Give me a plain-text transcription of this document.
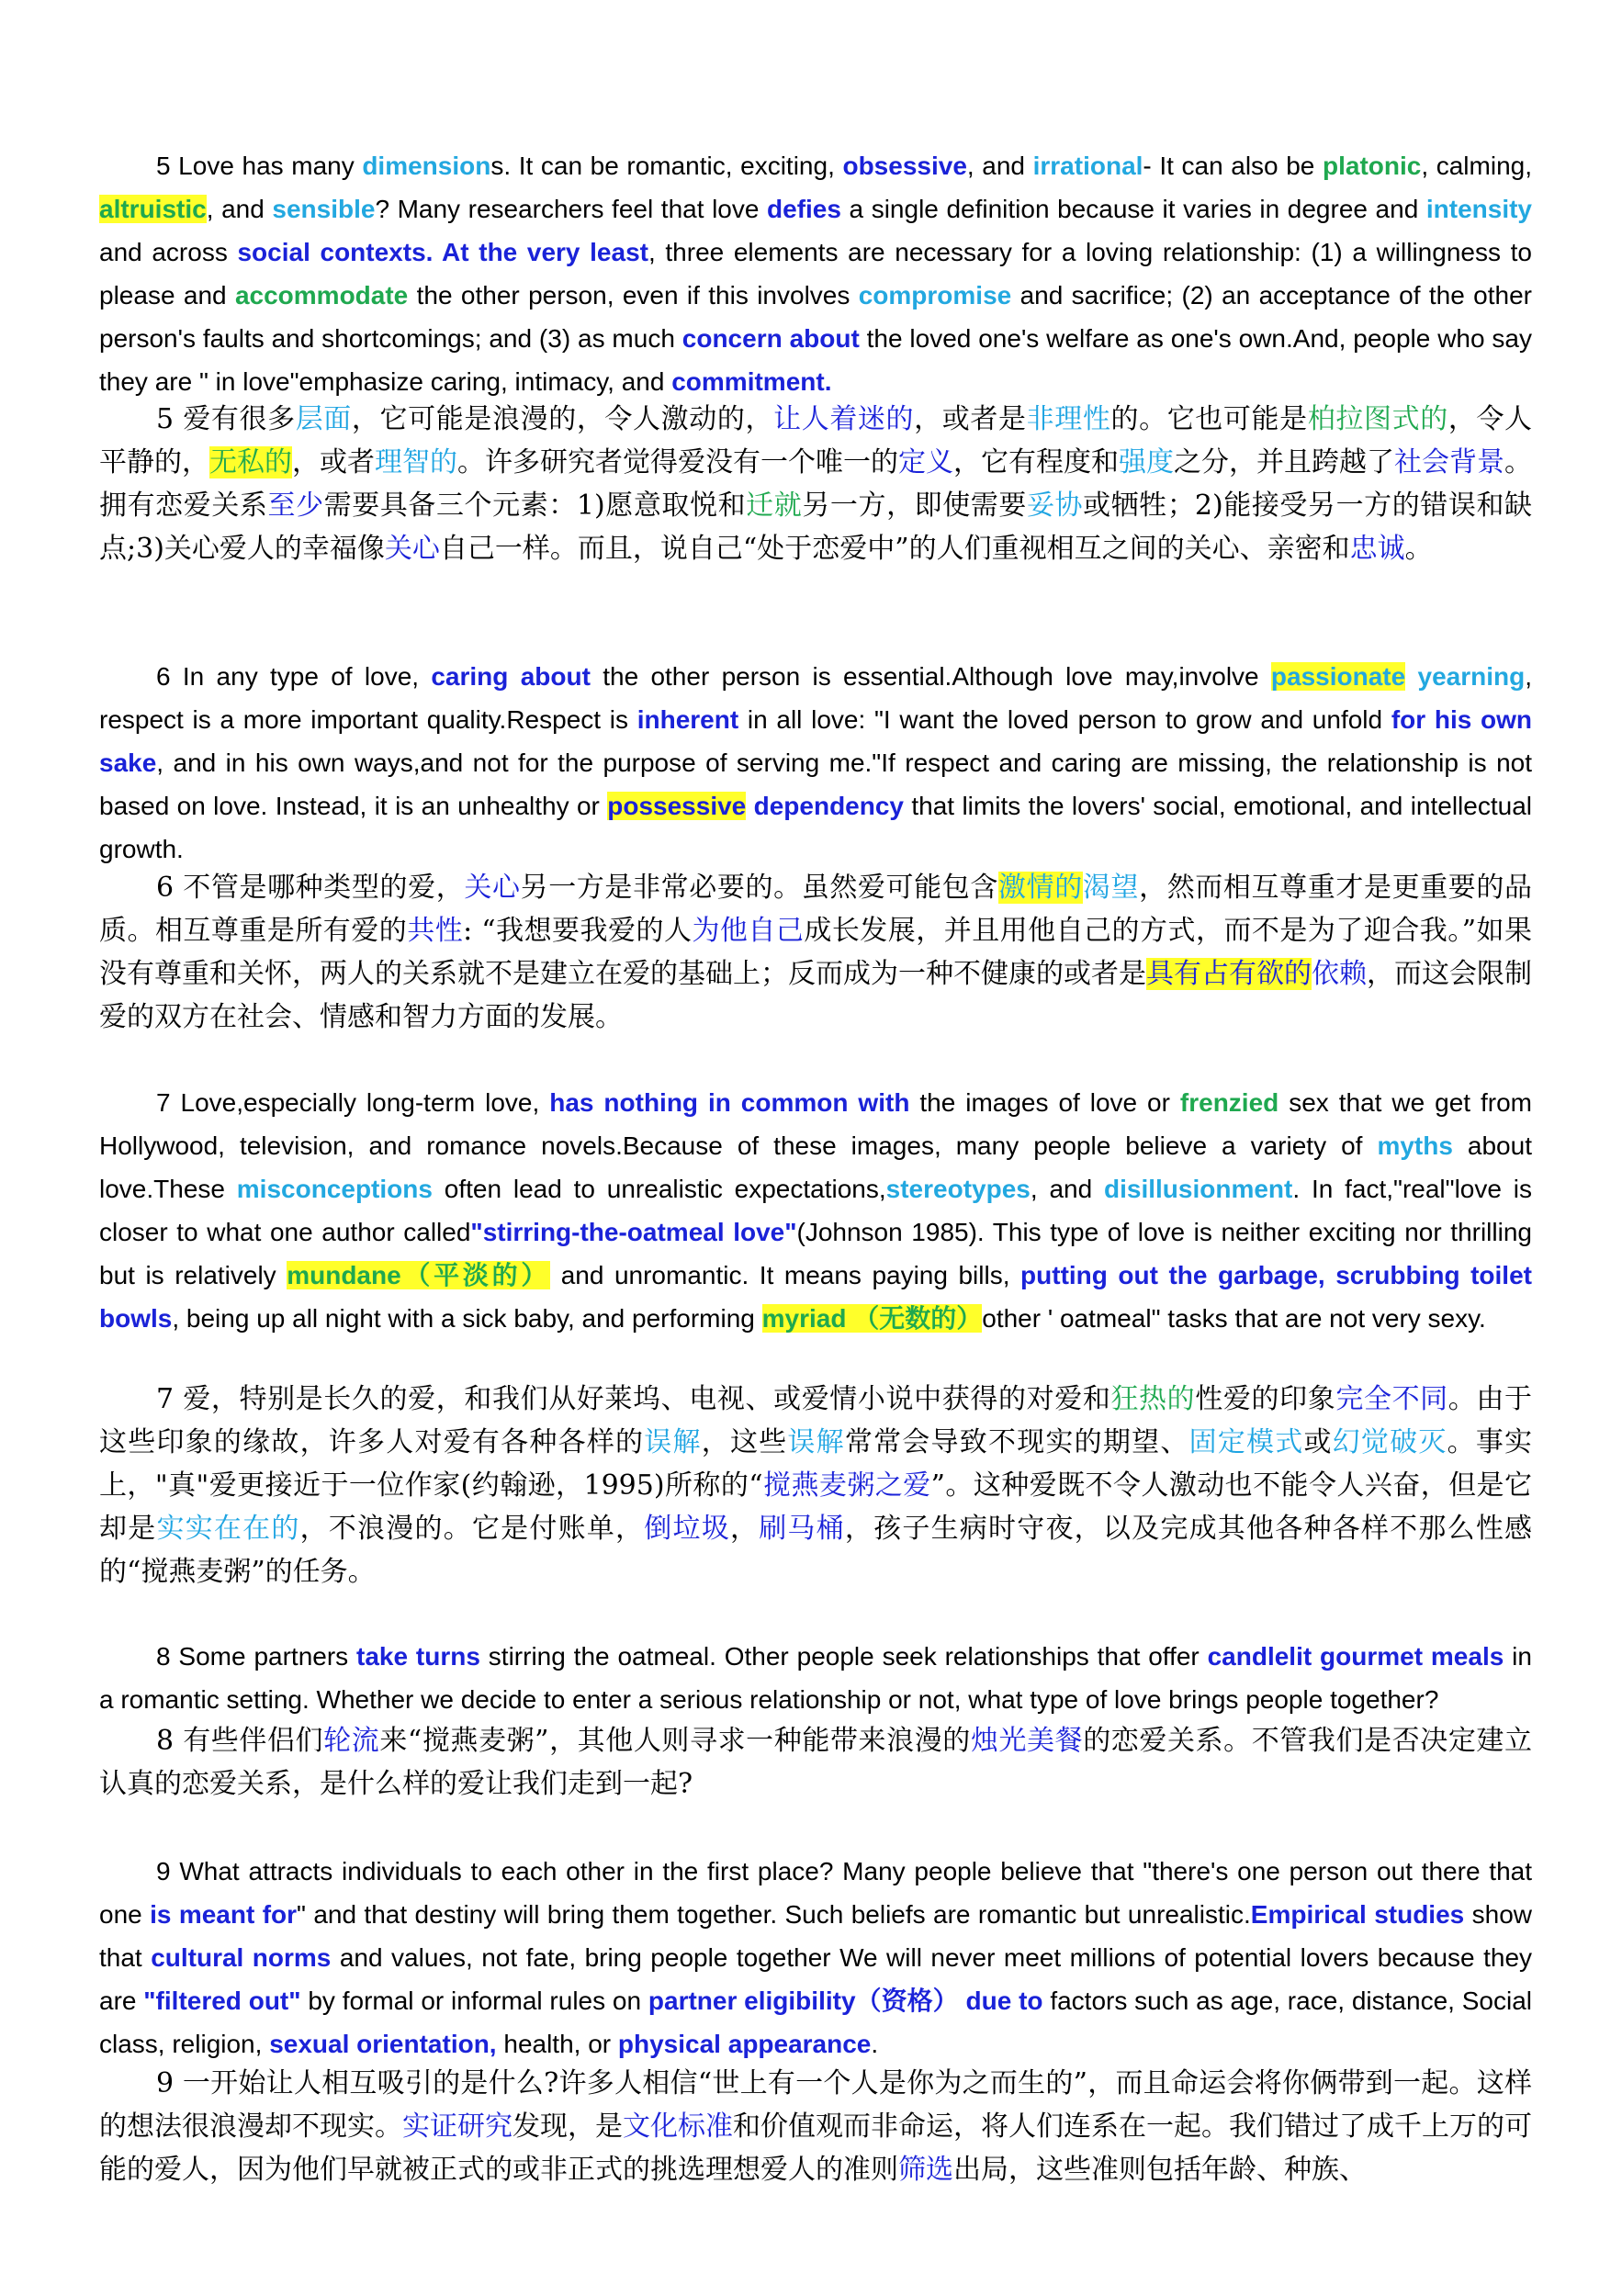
5 Love has many dimensions. It can be romantic, exciting, obsessive, and irrational- It can also be platonic, calming, altruistic, and sensible? Many researchers feel that love defies a single definition because it varies in degree and intensity and across social contexts. At the very least, three elements are necessary for a loving relationship: (1) a willingness to please and accommodate the other person, even if this involves compromise and sacrifice; (2) an acceptance of the other person's faults and shortcomings; and (3) as much concern about the loved one's welfare as one's own.And, people who say they are " in love"emphasize caring, intimacy, and commitment.

5 爱有很多层面，它可能是浪漫的，令人激动的，让人着迷的，或者是非理性的。它也可能是柏拉图式的，令人平静的，无私的，或者理智的。许多研究者觉得爱没有一个唯一的定义，它有程度和强度之分，并且跨越了社会背景。拥有恋爱关系至少需要具备三个元素：1)愿意取悦和迁就另一方，即使需要妥协或牺牲；2)能接受另一方的错误和缺点;3)关心爱人的幸福像关心自己一样。而且，说自己“处于恋爱中”的人们重视相互之间的关心、亲密和忠诚。

6 In any type of love, caring about the other person is essential.Although love may,involve passionate yearning, respect is a more important quality.Respect is inherent in all love: "I want the loved person to grow and unfold for his own sake, and in his own ways,and not for the purpose of serving me."If respect and caring are missing, the relationship is not based on love. Instead, it is an unhealthy or possessive dependency that limits the lovers' social, emotional, and intellectual growth.

6 不管是哪种类型的爱，关心另一方是非常必要的。虽然爱可能包含激情的渴望，然而相互尊重才是更重要的品质。相互尊重是所有爱的共性: “我想要我爱的人为他自己成长发展，并且用他自己的方式，而不是为了迎合我。”如果没有尊重和关怀，两人的关系就不是建立在爱的基础上；反而成为一种不健康的或者是具有占有欲的依赖，而这会限制爱的双方在社会、情感和智力方面的发展。

7 Love,especially long-term love, has nothing in common with the images of love or frenzied sex that we get from Hollywood, television, and romance novels.Because of these images, many people believe a variety of myths about love.These misconceptions often lead to unrealistic expectations,stereotypes, and disillusionment. In fact,"real"love is closer to what one author called"stirring-the-oatmeal love"(Johnson 1985). This type of love is neither exciting nor thrilling but is relatively mundane（平淡的） and unromantic. It means paying bills, putting out the garbage, scrubbing toilet bowls, being up all night with a sick baby, and performing myriad （无数的）other ' oatmeal" tasks that are not very sexy.

7 爱，特别是长久的爱，和我们从好莱坞、电视、或爱情小说中获得的对爱和狂热的性爱的印象完全不同。由于这些印象的缘故，许多人对爱有各种各样的误解，这些误解常常会导致不现实的期望、固定模式或幻觉破灭。事实上，"真"爱更接近于一位作家(约翰逊，1995)所称的“搅燕麦粥之爱”。这种爱既不令人激动也不能令人兴奋，但是它却是实实在在的，不浪漫的。它是付账单，倒垃圾，刷马桶，孩子生病时守夜，以及完成其他各种各样不那么性感的“搅燕麦粥”的任务。

8 Some partners take turns stirring the oatmeal. Other people seek relationships that offer candlelit gourmet meals in a romantic setting. Whether we decide to enter a serious relationship or not, what type of love brings people together?

8 有些伴侣们轮流来“搅燕麦粥”，其他人则寻求一种能带来浪漫的烛光美餐的恋爱关系。不管我们是否决定建立认真的恋爱关系，是什么样的爱让我们走到一起?

9 What attracts individuals to each other in the first place? Many people believe that "there's one person out there that one is meant for" and that destiny will bring them together. Such beliefs are romantic but unrealistic.Empirical studies show that cultural norms and values, not fate, bring people together We will never meet millions of potential lovers because they are "filtered out" by formal or informal rules on partner eligibility（资格） due to factors such as age, race, distance, Social class, religion, sexual orientation, health, or physical appearance.

9 一开始让人相互吸引的是什么?许多人相信“世上有一个人是你为之而生的”，而且命运会将你俩带到一起。这样的想法很浪漫却不现实。实证研究发现，是文化标准和价值观而非命运，将人们连系在一起。我们错过了成千上万的可能的爱人，因为他们早就被正式的或非正式的挑选理想爱人的准则筛选出局，这些准则包括年龄、种族、
